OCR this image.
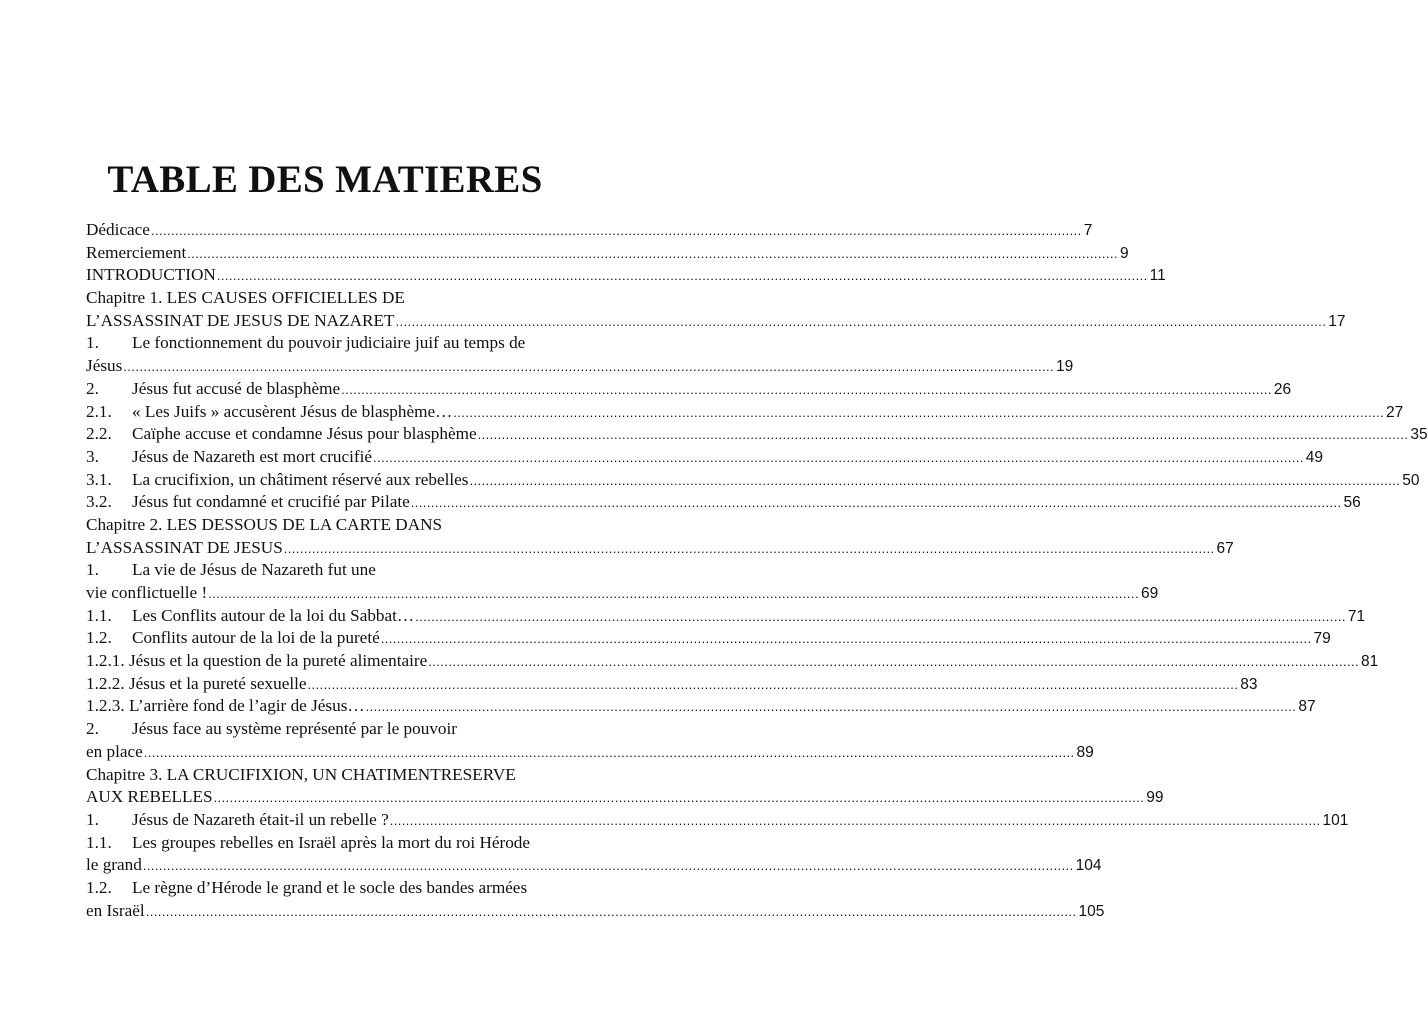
TABLE DES MATIERES
Dédicace .....	7
Remerciement .....	9
INTRODUCTION .....	11
Chapitre 1. LES CAUSES OFFICIELLES DE
L’ASSASSINAT DE JESUS DE NAZARET .....	17
1.	Le fonctionnement du pouvoir judiciaire juif au temps de
Jésus .....	19
2.	Jésus fut accusé de blasphème .....	26
2.1.	« Les Juifs » accusèrent Jésus de blasphème… .....	27
2.2.	Caïphe accuse et condamne Jésus pour blasphème .....	35
3.	Jésus de Nazareth est mort crucifié .....	49
3.1.	La crucifixion, un châtiment réservé aux rebelles .....	50
3.2.	Jésus fut condamné et crucifié par Pilate .....	56
Chapitre 2. LES DESSOUS DE LA CARTE DANS
L’ASSASSINAT DE JESUS .....	67
1.	La vie de Jésus de Nazareth fut une
vie conflictuelle ! .....	69
1.1.	Les Conflits autour de la loi du Sabbat… .....	71
1.2.	Conflits autour de la loi de la pureté .....	79
1.2.1. Jésus et la question de la pureté alimentaire .....	81
1.2.2. Jésus et la pureté sexuelle .....	83
1.2.3. L’arrière fond de l’agir de Jésus… .....	87
2.	Jésus face au système représenté par le pouvoir
en place .....	89
Chapitre 3. LA CRUCIFIXION, UN CHATIMENTRESERVE
AUX REBELLES .....	99
1.	Jésus de Nazareth était-il un rebelle ? .....	101
1.1.	Les groupes rebelles en Israël après la mort du roi Hérode
le grand .....	104
1.2.	Le règne d’Hérode le grand et le socle des bandes armées
en Israël .....	105
